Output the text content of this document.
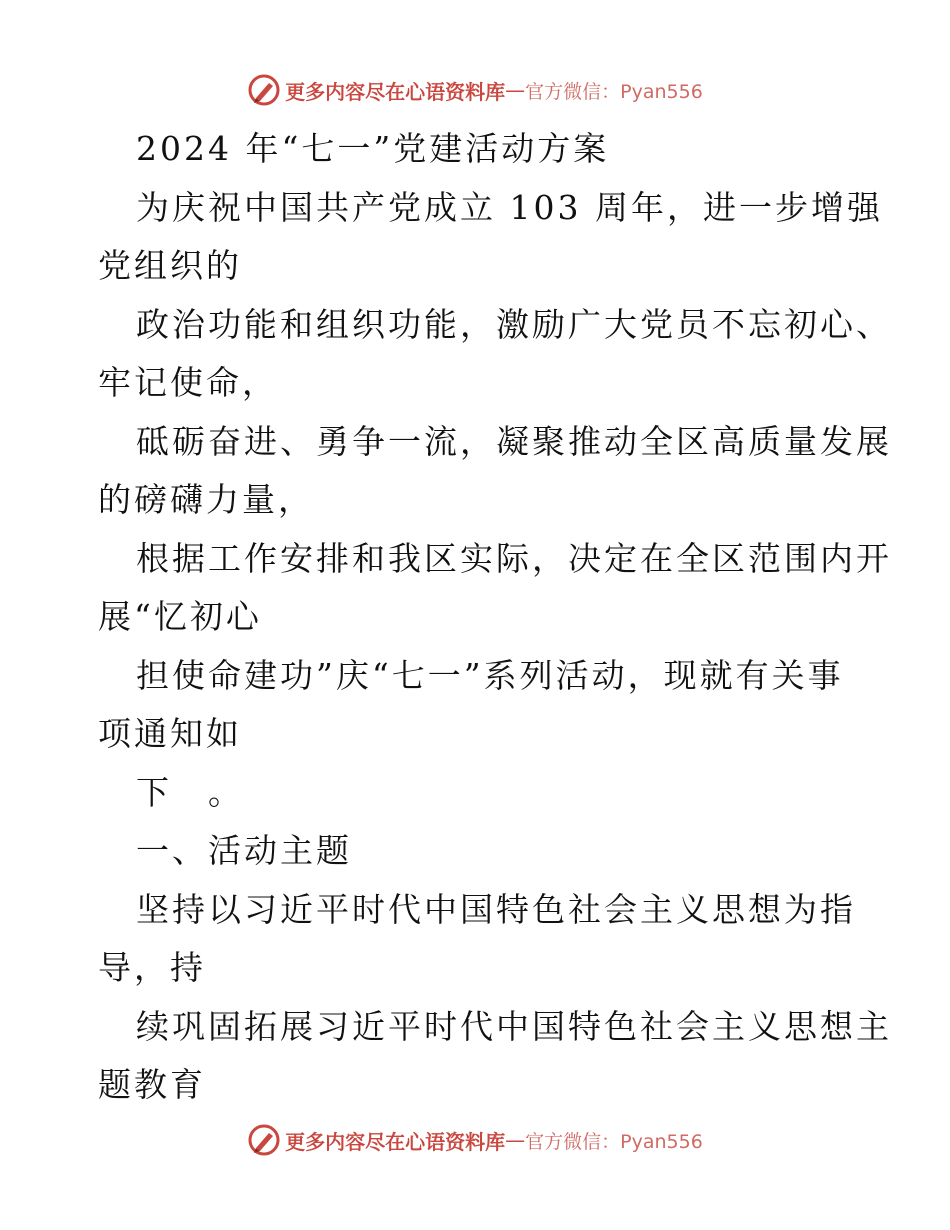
更多内容尽在心语资料库 — 官方微信：Pyan556
2024 年“七一”党建活动方案
为庆祝中国共产党成立 103 周年，进一步增强
党组织的
政治功能和组织功能，激励广大党员不忘初心、
牢记使命，
砥砺奋进、勇争一流，凝聚推动全区高质量发展
的磅礴力量，
根据工作安排和我区实际，决定在全区范围内开
展“忆初心
担使命建功”庆“七一”系列活动，现就有关事
项通知如
下　。
一、活动主题
坚持以习近平时代中国特色社会主义思想为指
导，持
续巩固拓展习近平时代中国特色社会主义思想主
题教育
更多内容尽在心语资料库 — 官方微信：Pyan556
